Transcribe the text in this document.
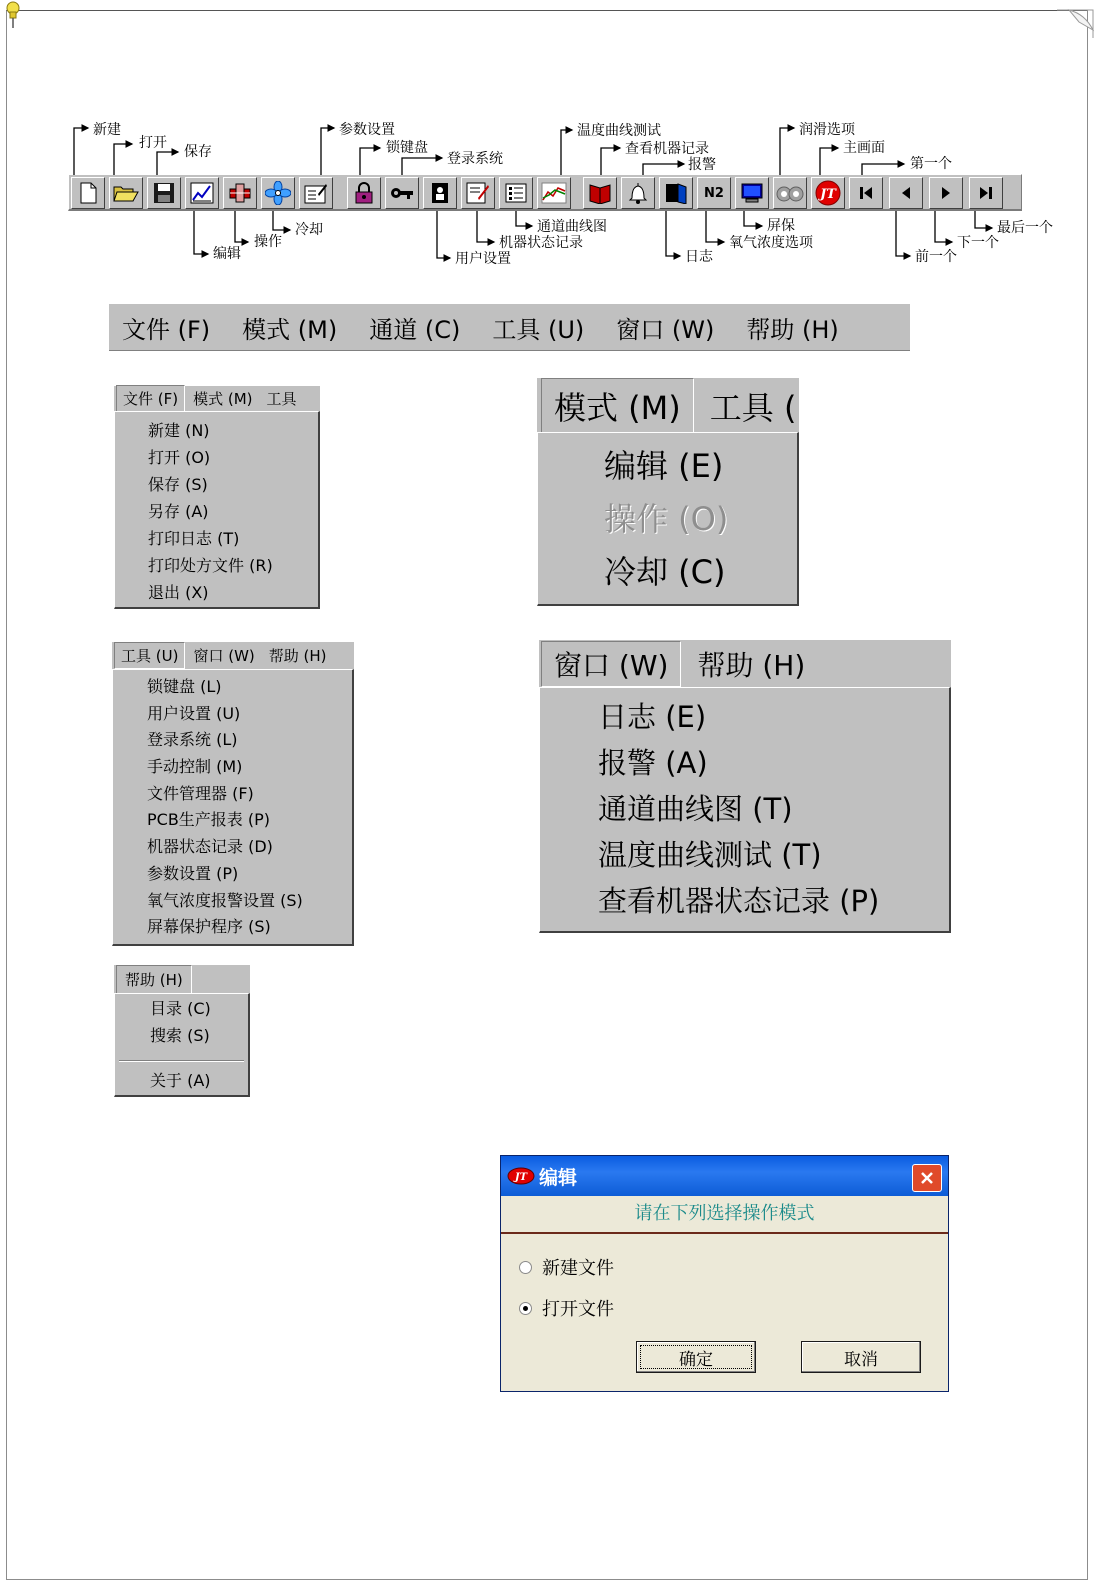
N2	JT
新建
打开
保存
参数设置
锁键盘
登录系统
温度曲线测试
查看机器记录
报警
润滑选项
主画面
第一个
编辑
操作
冷却
用户设置
机器状态记录
通道曲线图
日志
氧气浓度选项
屏保
前一个
下一个
最后一个
文件 (F) 模式 (M) 通道 (C) 工具 (U) 窗口 (W) 帮助 (H)
文件 (F)	模式 (M) 工具
新建 (N)
打开 (O)
保存 (S)
另存 (A)
打印日志 (T)
打印处方文件 (R)
退出 (X)
模式 (M) 工具 (
编辑 (E)
操作 (O)
冷却 (C)
工具 (U)	窗口 (W) 帮助 (H)
锁键盘 (L)
用户设置 (U)
登录系统 (L)
手动控制 (M)
文件管理器 (F)
PCB生产报表 (P)
机器状态记录 (D)
参数设置 (P)
氧气浓度报警设置 (S)
屏幕保护程序 (S)
窗口 (W)	帮助 (H)
日志 (E)
报警 (A)
通道曲线图 (T)
温度曲线测试 (T)
查看机器状态记录 (P)
帮助 (H)
目录 (C)
搜索 (S)
关于 (A)
JT 编辑
请在下列选择操作模式
新建文件
打开文件
确定	取消
